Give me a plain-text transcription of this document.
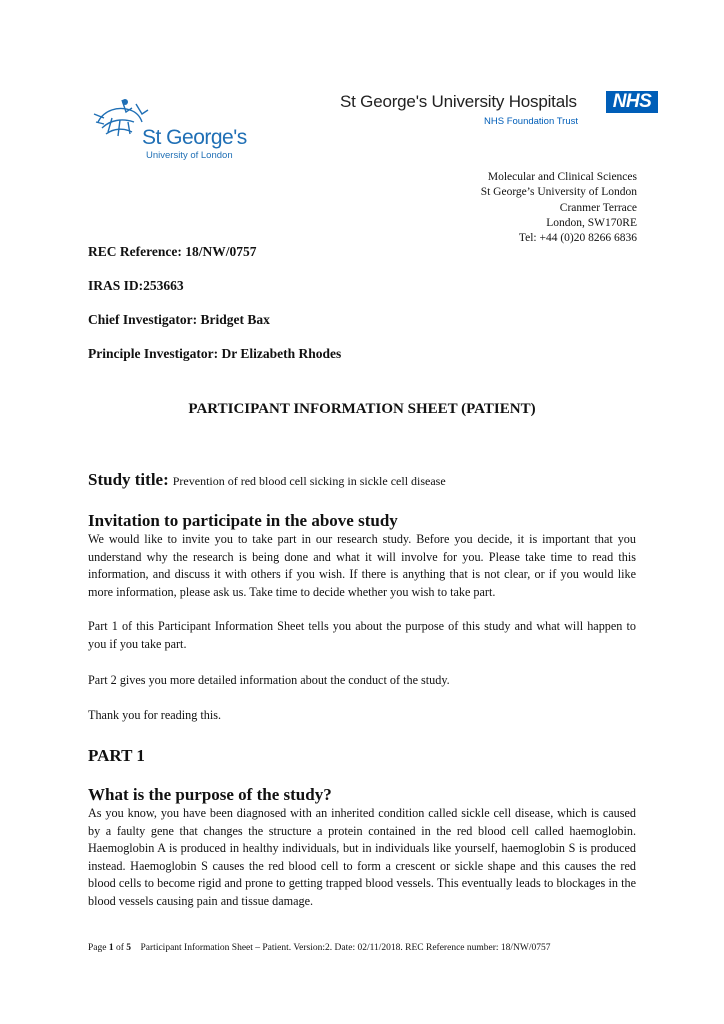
St George's
University of London
St George's University Hospitals	NHS
NHS Foundation Trust
Molecular and Clinical Sciences
St George’s University of London
Cranmer Terrace
London, SW170RE
Tel: +44 (0)20 8266 6836
REC Reference: 18/NW/0757
IRAS ID:253663
Chief Investigator: Bridget Bax
Principle Investigator: Dr Elizabeth Rhodes
PARTICIPANT INFORMATION SHEET (PATIENT)
Study title: Prevention of red blood cell sicking in sickle cell disease
Invitation to participate in the above study
We would like to invite you to take part in our research study. Before you decide, it is important that you understand why the research is being done and what it will involve for you. Please take time to read this information, and discuss it with others if you wish. If there is anything that is not clear, or if you would like more information, please ask us. Take time to decide whether you wish to take part.
Part 1 of this Participant Information Sheet tells you about the purpose of this study and what will happen to you if you take part.
Part 2 gives you more detailed information about the conduct of the study.
Thank you for reading this.
PART 1
What is the purpose of the study?
As you know, you have been diagnosed with an inherited condition called sickle cell disease, which is caused by a faulty gene that changes the structure a protein contained in the red blood cell called haemoglobin. Haemoglobin A is produced in healthy individuals, but in individuals like yourself, haemoglobin S is produced instead. Haemoglobin S causes the red blood cell to form a crescent or sickle shape and this causes the red blood cells to become rigid and prone to getting trapped blood vessels. This eventually leads to blockages in the blood vessels causing pain and tissue damage.
Page 1 of 5 Participant Information Sheet – Patient. Version:2. Date: 02/11/2018. REC Reference number: 18/NW/0757
